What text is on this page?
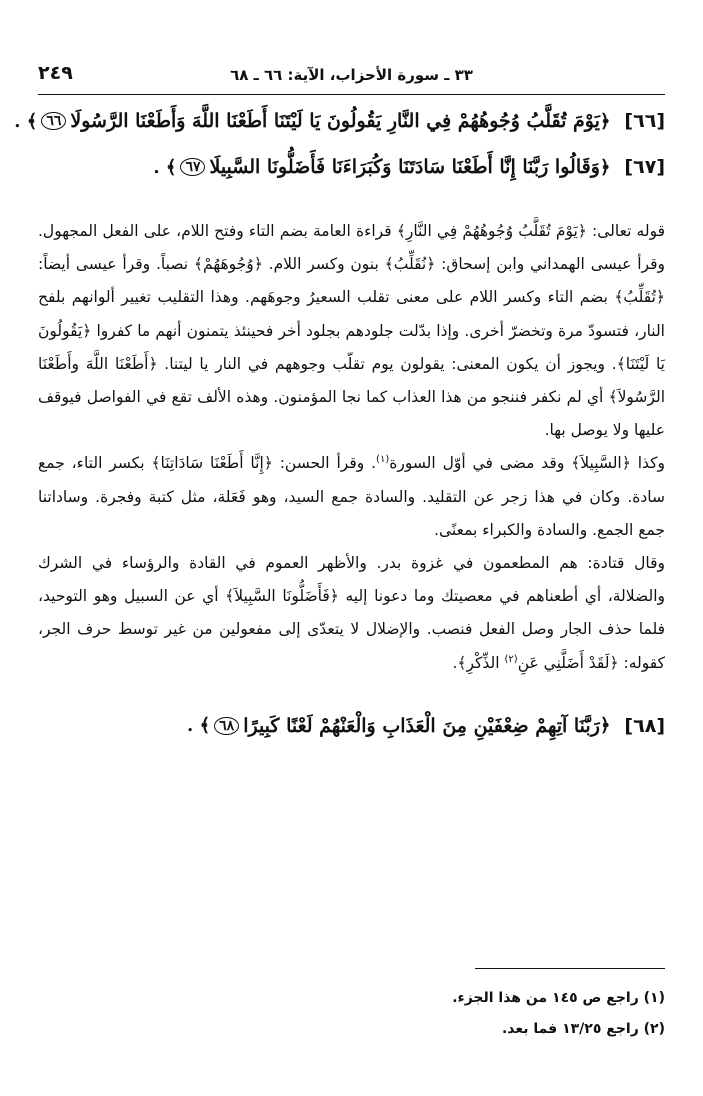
٣٣ ـ سورة الأحزاب، الآية: ٦٦ ـ ٦٨
٢٤٩
[٦٦]
﴿
يَوْمَ تُقَلَّبُ وُجُوهُهُمْ فِي النَّارِ يَقُولُونَ يَا لَيْتَنَا أَطَعْنَا اللَّهَ وَأَطَعْنَا الرَّسُولَا
٦٦
﴾ .
[٦٧]
﴿
وَقَالُوا رَبَّنَا إِنَّا أَطَعْنَا سَادَتَنَا وَكُبَرَاءَنَا فَأَضَلُّونَا السَّبِيلَا
٦٧
﴾ .

قوله تعالى: ﴿يَوْمَ تُقَلَّبُ وُجُوهُهُمْ فِي النَّارِ﴾ قراءة العامة بضم التاء وفتح اللام، على الفعل المجهول. وقرأ عيسى الهمداني وابن إسحاق: ﴿نُقَلِّبُ﴾ بنون وكسر اللام. ﴿وُجُوهَهُمْ﴾ نصباً. وقرأ عيسى أيضاً: ﴿تُقَلِّبُ﴾ بضم التاء وكسر اللام على معنى تقلب السعيرُ وجوهَهم. وهذا التقليب تغيير ألوانهم بلفح النار، فتسودّ مرة وتخضرّ أخرى. وإذا بدّلت جلودهم بجلود أخر فحينئذ يتمنون أنهم ما كفروا ﴿يَقُولُونَ يَا لَيْتَنَا﴾. ويجوز أن يكون المعنى: يقولون يوم تقلّب وجوههم في النار يا ليتنا. ﴿أَطَعْنَا اللَّهَ وأَطَعْنَا الرَّسُولاَ﴾ أي لم نكفر فننجو من هذا العذاب كما نجا المؤمنون. وهذه الألف تقع في الفواصل فيوقف عليها ولا يوصل بها.

وكذا ﴿السَّبِيلاَ﴾ وقد مضى في أوّل السورة$^{(١)}$. وقرأ الحسن: ﴿إِنَّا أَطَعْنَا سَادَاتِنَا﴾ بكسر التاء، جمع سادة. وكان في هذا زجر عن التقليد. والسادة جمع السيد، وهو فَعَلة، مثل كتبة وفجرة. وساداتنا جمع الجمع. والسادة والكبراء بمعنًى.

وقال قتادة: هم المطعمون في غزوة بدر. والأظهر العموم في القادة والرؤساء في الشرك والضلالة، أي أطعناهم في معصيتك وما دعونا إليه ﴿فَأَضَلُّونَا السَّبِيلاَ﴾ أي عن السبيل وهو التوحيد، فلما حذف الجار وصل الفعل فنصب. والإضلال لا يتعدّى إلى مفعولين من غير توسط حرف الجر، كقوله: ﴿لَقَدْ أَضَلَّنِي عَنِ$^{(٢)}$ الذِّكْرِ﴾.

[٦٨]
﴿
رَبَّنَا آتِهِمْ ضِعْفَيْنِ مِنَ الْعَذَابِ وَالْعَنْهُمْ لَعْنًا كَبِيرًا
٦٨
﴾ .
(١) راجع ص ١٤٥ من هذا الجزء.
(٢) راجع ١٣/٢٥ فما بعد.
